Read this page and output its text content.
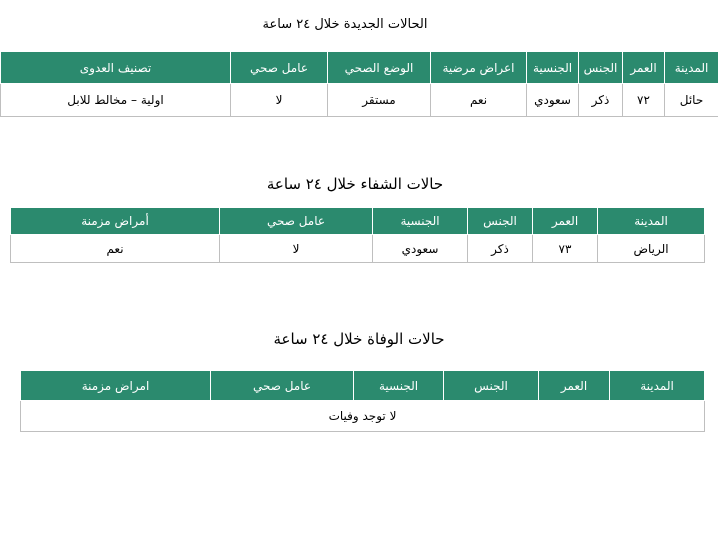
الحالات الجديدة خلال ٢٤ ساعة
المدينة	العمر	الجنس	الجنسية	اعراض مرضية	الوضع الصحي	عامل صحي	تصنيف العدوى
حائل	٧٢	ذكر	سعودي	نعم	مستقر	لا	اولية – مخالط للابل
حالات الشفاء خلال ٢٤ ساعة
المدينة	العمر	الجنس	الجنسية	عامل صحي	أمراض مزمنة
الرياض	٧٣	ذكر	سعودي	لا	نعم
حالات الوفاة خلال ٢٤ ساعة
المدينة	العمر	الجنس	الجنسية	عامل صحي	امراض مزمنة
لا توجد وفيات
